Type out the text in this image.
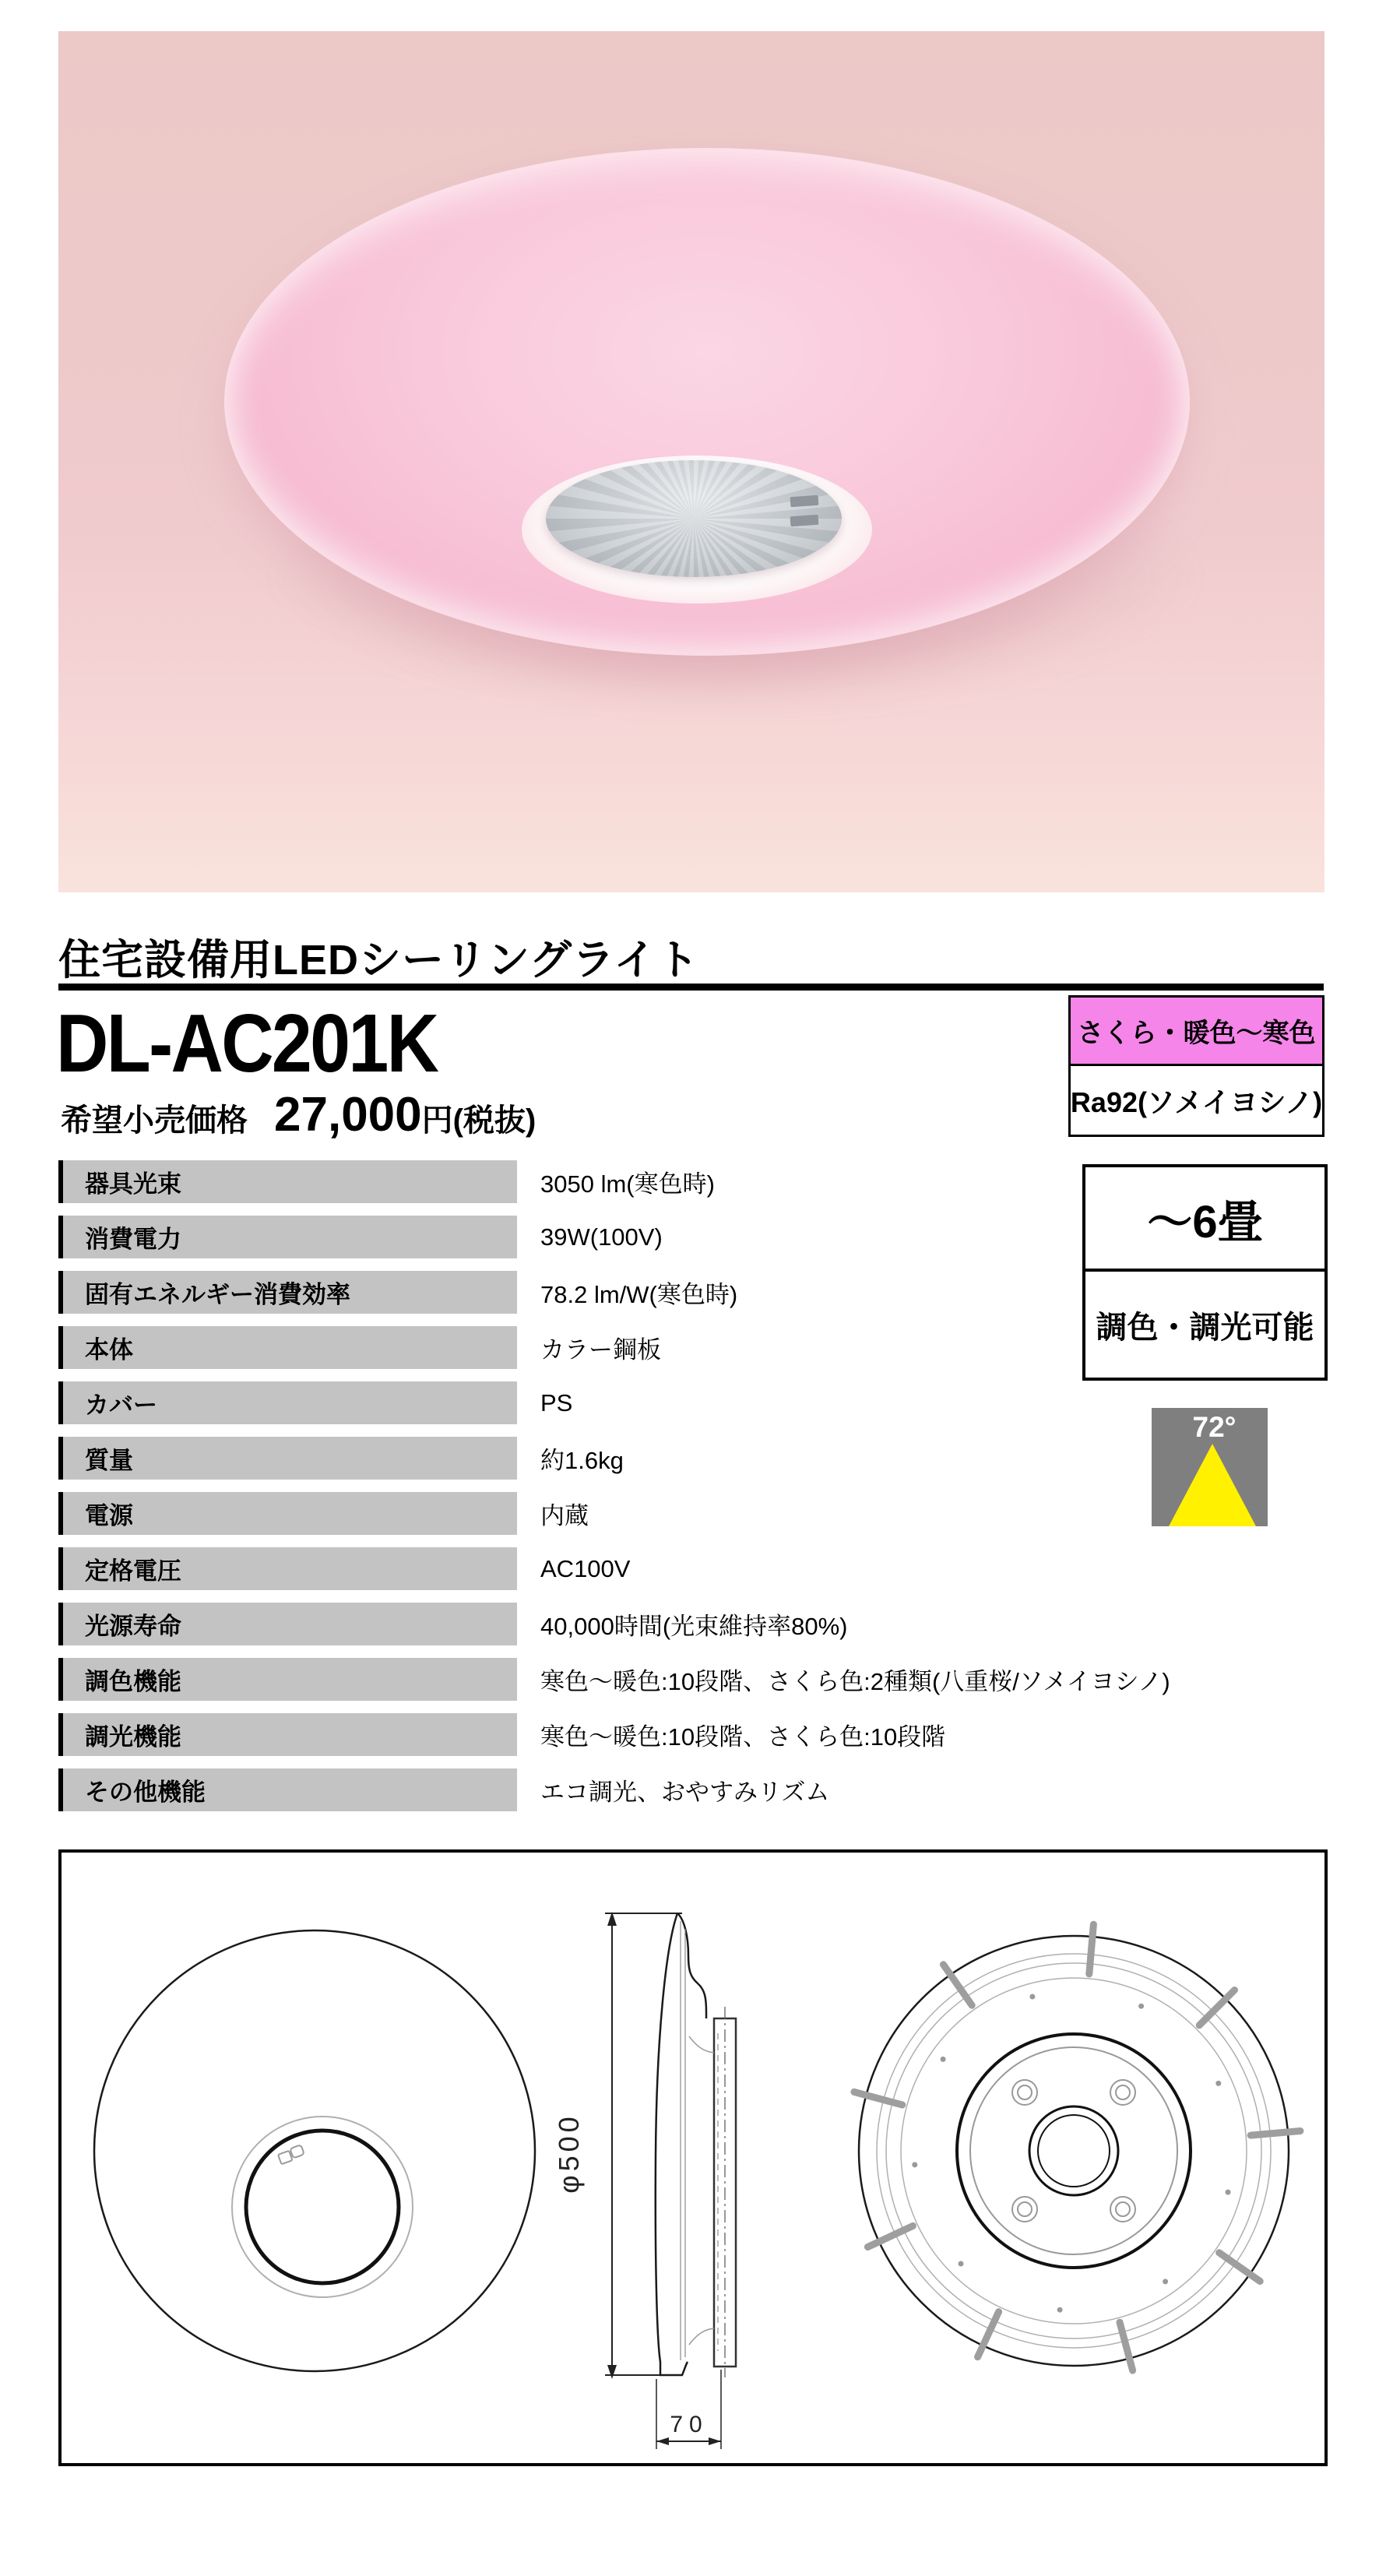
住宅設備用LEDシーリングライト
DL-AC201K
希望小売価格 27,000 円(税抜)
さくら・暖色〜寒色
Ra92(ソメイヨシノ)
器具光束	3050 lm(寒色時)
消費電力	39W(100V)
固有エネルギー消費効率	78.2 lm/W(寒色時)
本体	カラー鋼板
カバー	PS
質量	約1.6kg
電源	内蔵
定格電圧	AC100V
光源寿命	40,000時間(光束維持率80%)
調色機能	寒色〜暖色:10段階、さくら色:2種類(八重桜/ソメイヨシノ)
調光機能	寒色〜暖色:10段階、さくら色:10段階
その他機能	エコ調光、おやすみリズム
〜6畳
調色・調光可能
72°
φ500
70
